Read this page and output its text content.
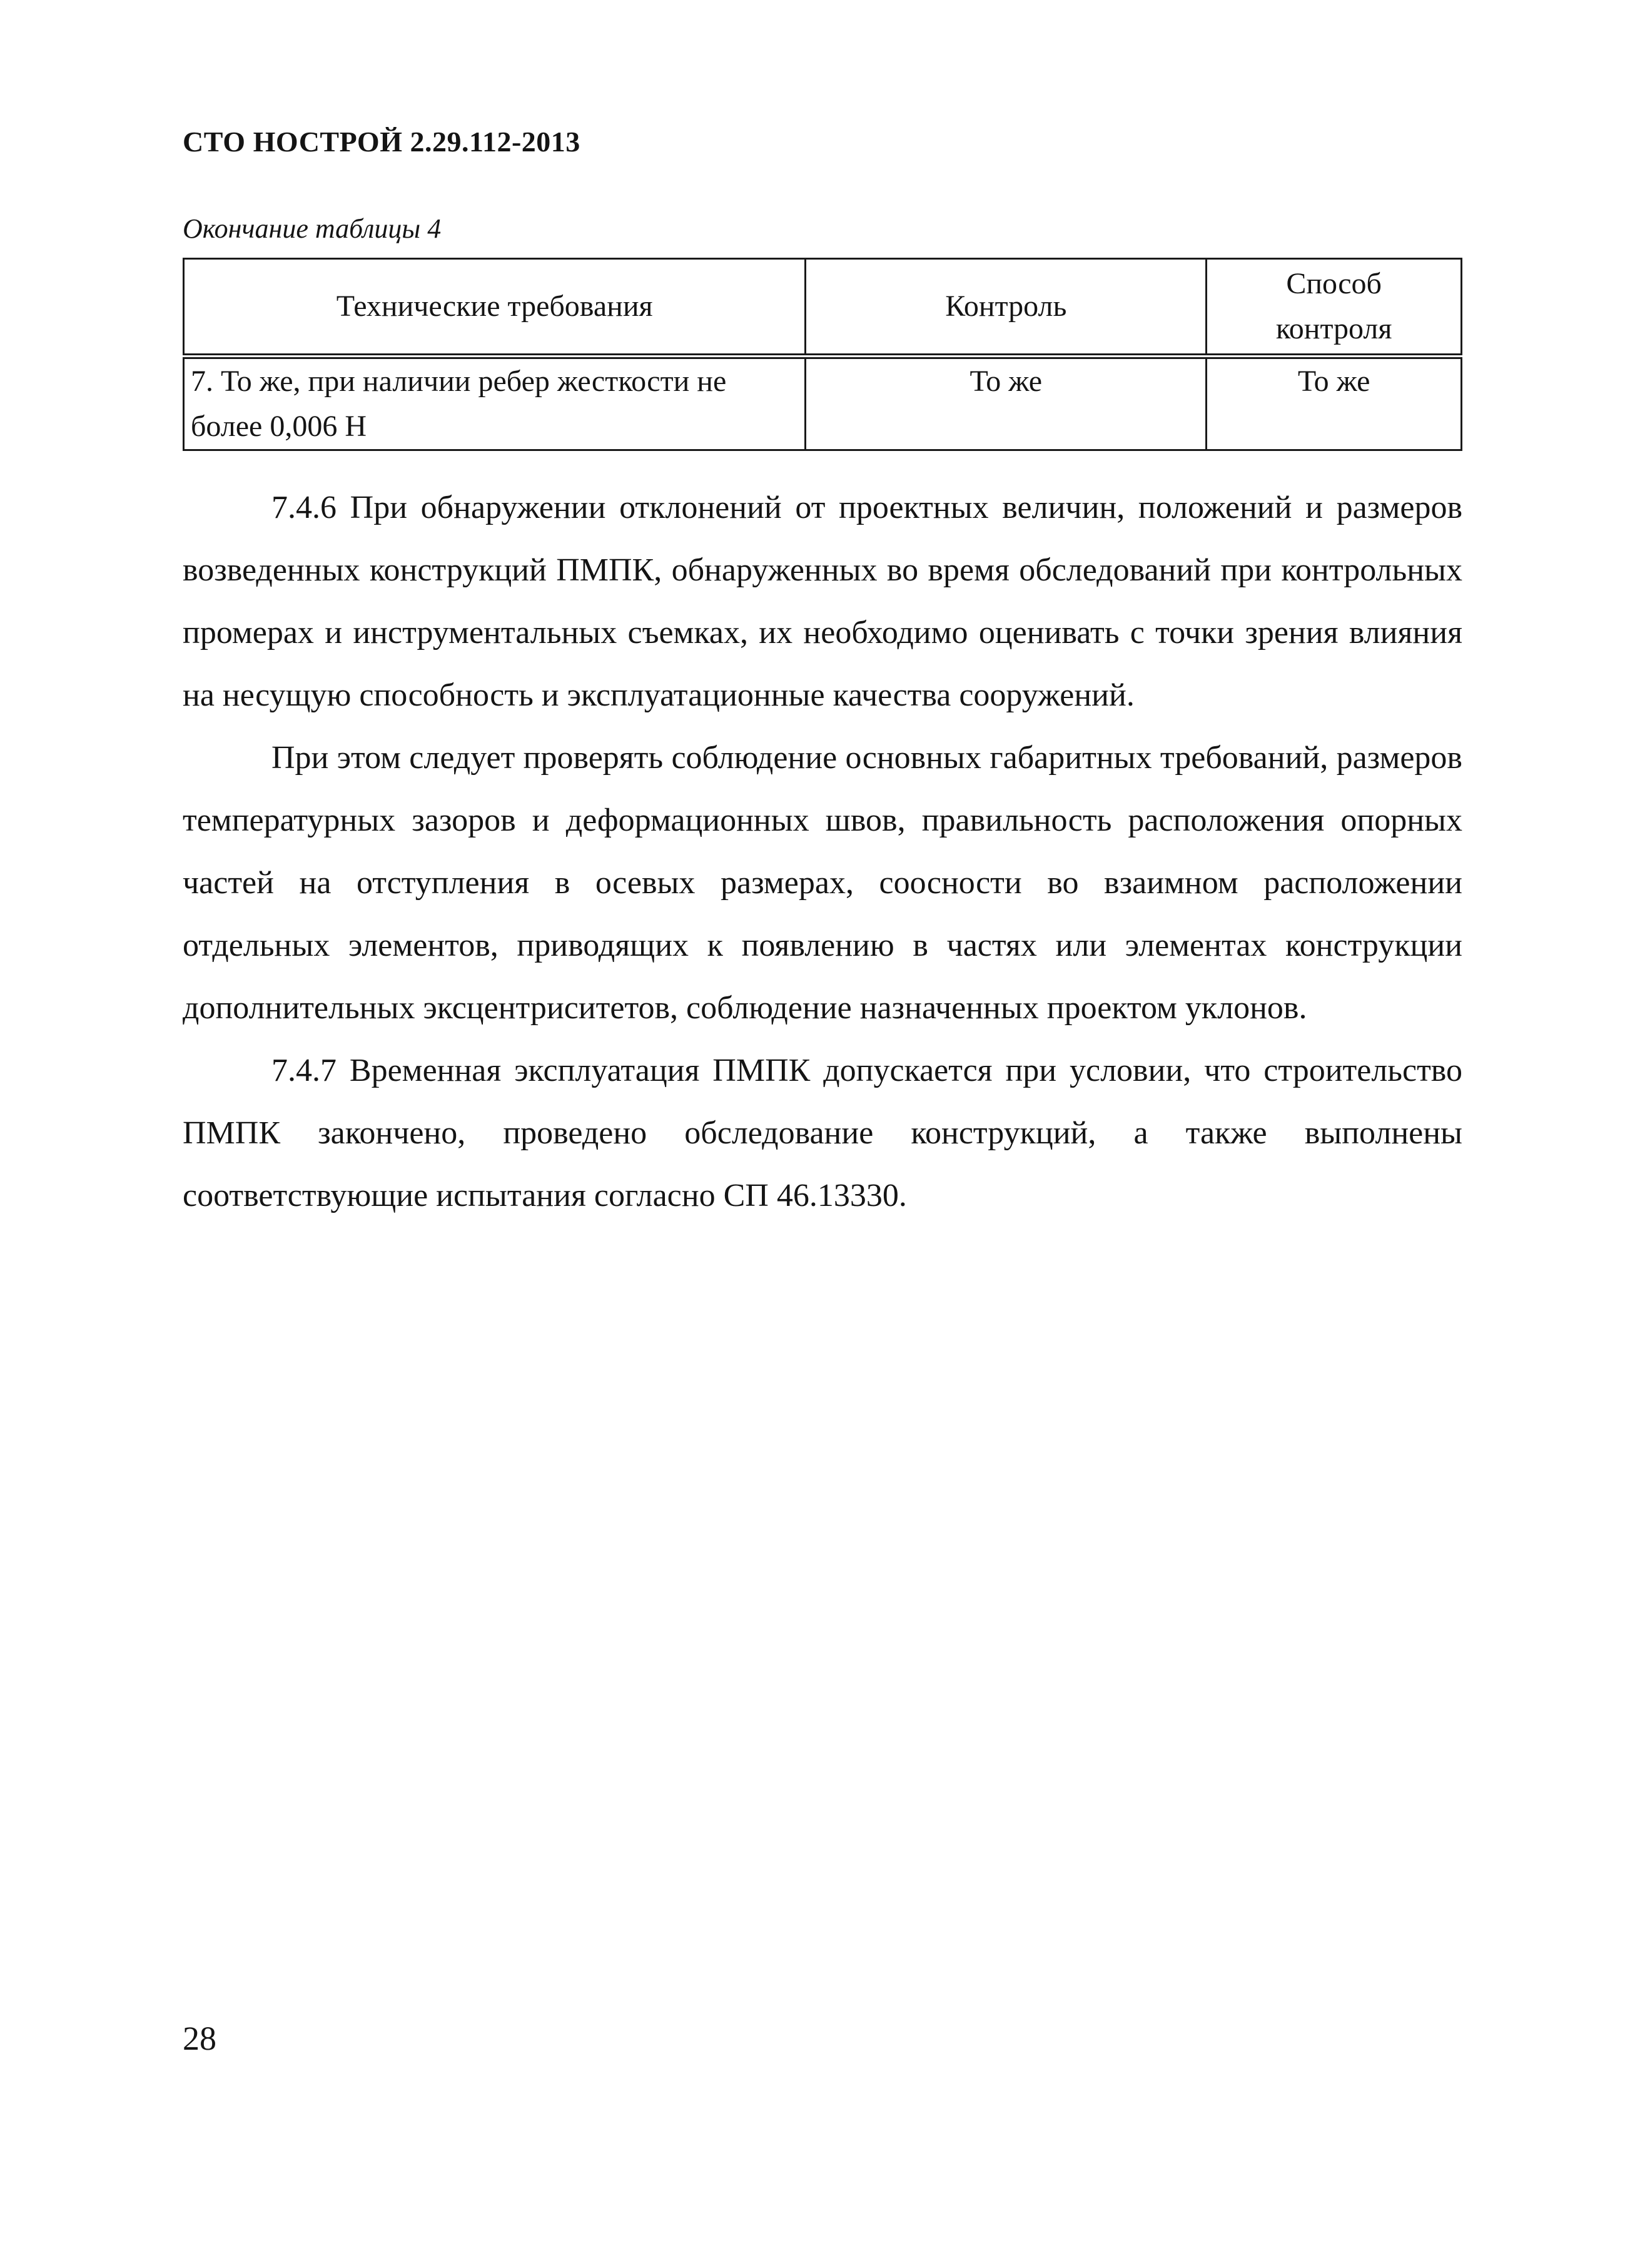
СТО НОСТРОЙ 2.29.112-2013
Окончание таблицы 4
Технические требования	Контроль	Способ контроля
7. То же, при наличии ребер жесткости не более 0,006 Н	То же	То же

7.4.6 При обнаружении отклонений от проектных величин, положений и размеров возведенных конструкций ПМПК, обнаруженных во время обследований при контрольных промерах и инструментальных съемках, их необходимо оценивать с точки зрения влияния на несущую способность и эксплуатационные качества сооружений.

При этом следует проверять соблюдение основных габаритных требований, размеров температурных зазоров и деформационных швов, правильность расположения опорных частей на отступления в осевых размерах, соосности во взаимном расположении отдельных элементов, приводящих к появлению в частях или элементах конструкции дополнительных эксцентриситетов, соблюдение назначенных проектом уклонов.

7.4.7 Временная эксплуатация ПМПК допускается при условии, что строительство ПМПК закончено, проведено обследование конструкций, а также выполнены соответствующие испытания согласно СП 46.13330.

28
